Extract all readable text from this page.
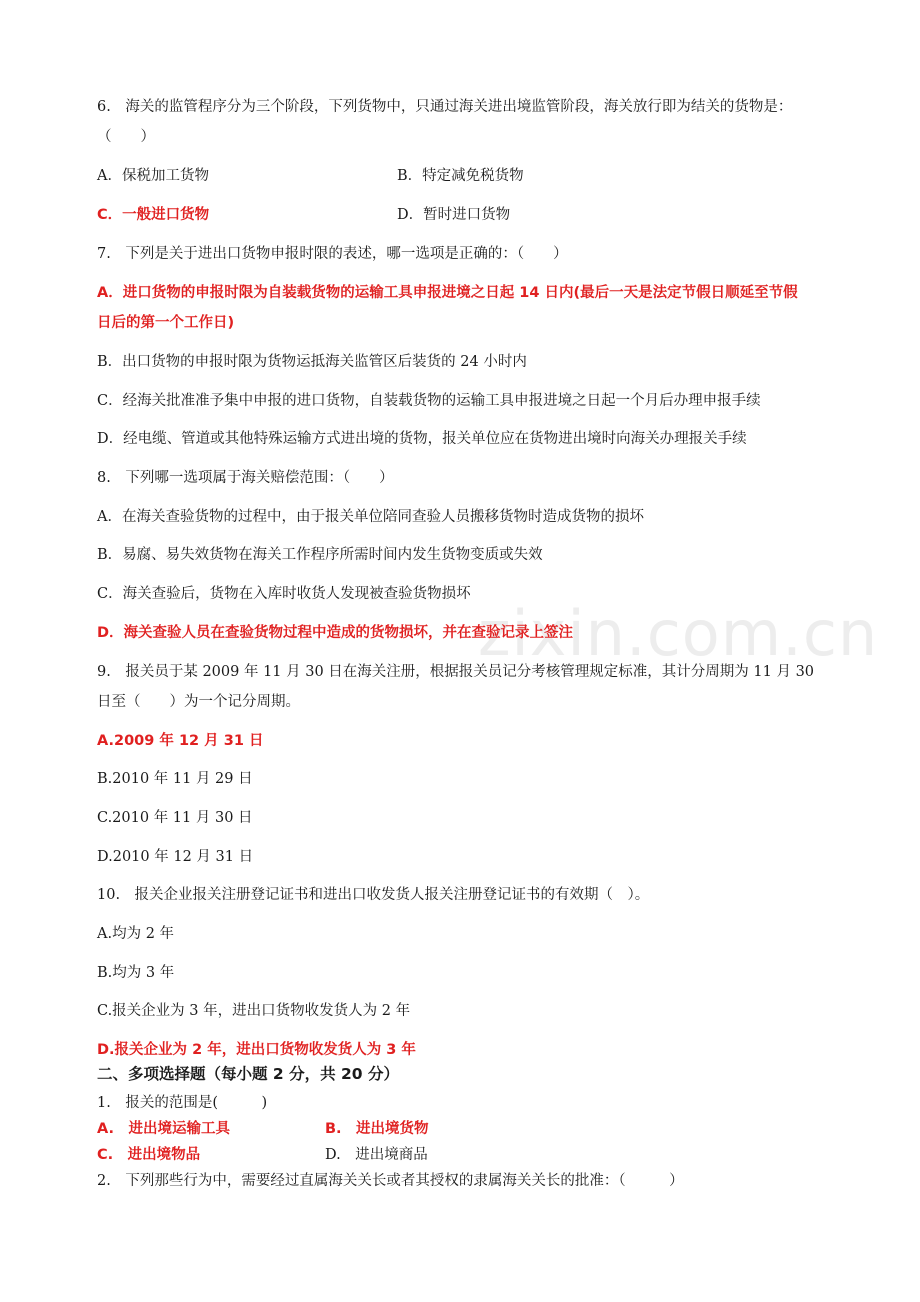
zixin.com.cn
6.　海关的监管程序分为三个阶段，下列货物中，只通过海关进出境监管阶段，海关放行即为结关的货物是：
（　　）
A．保税加工货物	B．特定减免税货物
C．一般进口货物	D．暂时进口货物
7.　下列是关于进出口货物申报时限的表述，哪一选项是正确的：（　　）
A．进口货物的申报时限为自装载货物的运输工具申报进境之日起 14 日内(最后一天是法定节假日顺延至节假
日后的第一个工作日)
B．出口货物的申报时限为货物运抵海关监管区后装货的 24 小时内
C．经海关批准准予集中申报的进口货物，自装载货物的运输工具申报进境之日起一个月后办理申报手续
D．经电缆、管道或其他特殊运输方式进出境的货物，报关单位应在货物进出境时向海关办理报关手续
8.　下列哪一选项属于海关赔偿范围：（　　）
A．在海关查验货物的过程中，由于报关单位陪同查验人员搬移货物时造成货物的损坏
B．易腐、易失效货物在海关工作程序所需时间内发生货物变质或失效
C．海关查验后，货物在入库时收货人发现被查验货物损坏
D．海关查验人员在查验货物过程中造成的货物损坏，并在查验记录上签注
9.　报关员于某 2009 年 11 月 30 日在海关注册，根据报关员记分考核管理规定标准，其计分周期为 11 月 30
日至（　　）为一个记分周期。
A.2009 年 12 月 31 日
B.2010 年 11 月 29 日
C.2010 年 11 月 30 日
D.2010 年 12 月 31 日
10.　报关企业报关注册登记证书和进出口收发货人报关注册登记证书的有效期（　）。
A.均为 2 年
B.均为 3 年
C.报关企业为 3 年，进出口货物收发货人为 2 年
D.报关企业为 2 年，进出口货物收发货人为 3 年
二、多项选择题（每小题 2 分，共 20 分）
1.　报关的范围是(　　　)
A.　进出境运输工具	B.　进出境货物
C.　进出境物品	D.　进出境商品
2.　下列那些行为中，需要经过直属海关关长或者其授权的隶属海关关长的批准：（　　　）
